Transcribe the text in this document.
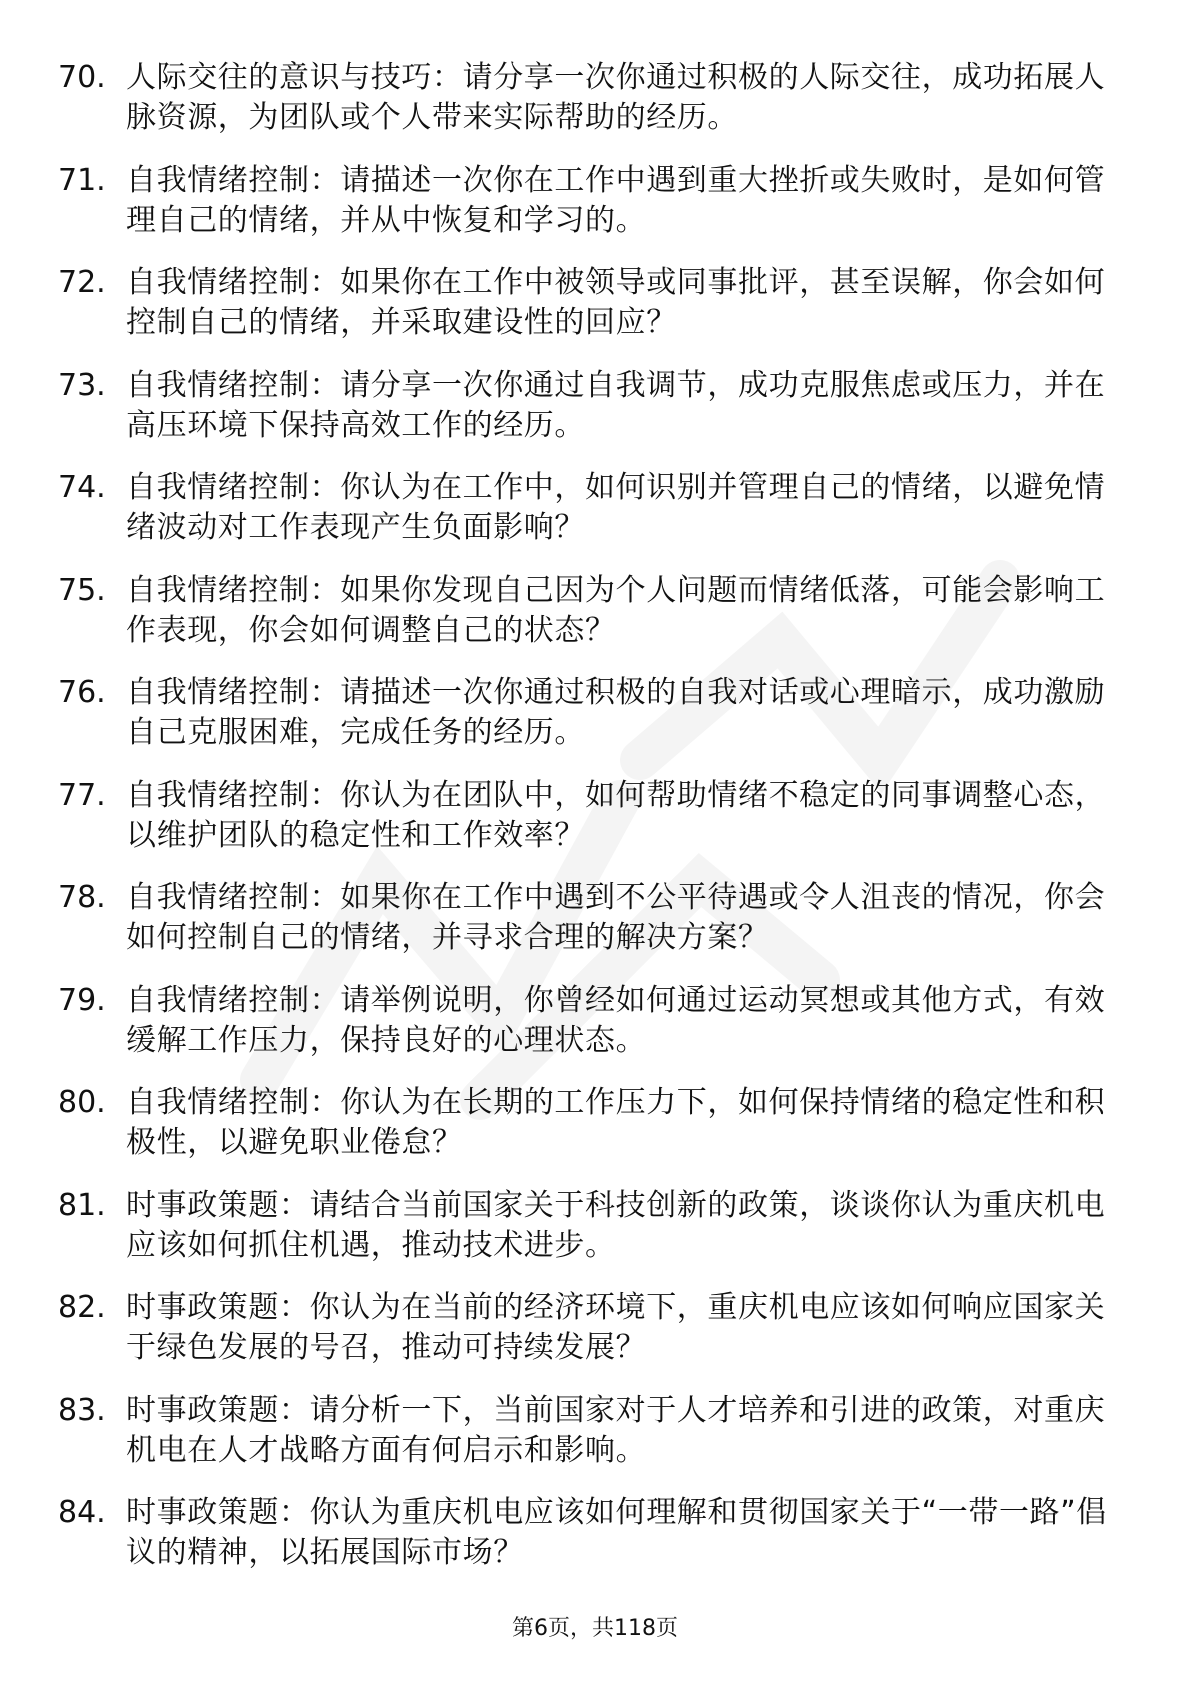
70. 人际交往的意识与技巧：请分享一次你通过积极的人际交往，成功拓展人脉资源，为团队或个人带来实际帮助的经历。
71. 自我情绪控制：请描述一次你在工作中遇到重大挫折或失败时，是如何管理自己的情绪，并从中恢复和学习的。
72. 自我情绪控制：如果你在工作中被领导或同事批评，甚至误解，你会如何控制自己的情绪，并采取建设性的回应？
73. 自我情绪控制：请分享一次你通过自我调节，成功克服焦虑或压力，并在高压环境下保持高效工作的经历。
74. 自我情绪控制：你认为在工作中，如何识别并管理自己的情绪，以避免情绪波动对工作表现产生负面影响？
75. 自我情绪控制：如果你发现自己因为个人问题而情绪低落，可能会影响工作表现，你会如何调整自己的状态？
76. 自我情绪控制：请描述一次你通过积极的自我对话或心理暗示，成功激励自己克服困难，完成任务的经历。
77. 自我情绪控制：你认为在团队中，如何帮助情绪不稳定的同事调整心态，以维护团队的稳定性和工作效率？
78. 自我情绪控制：如果你在工作中遇到不公平待遇或令人沮丧的情况，你会如何控制自己的情绪，并寻求合理的解决方案？
79. 自我情绪控制：请举例说明，你曾经如何通过运动冥想或其他方式，有效缓解工作压力，保持良好的心理状态。
80. 自我情绪控制：你认为在长期的工作压力下，如何保持情绪的稳定性和积极性，以避免职业倦怠？
81. 时事政策题：请结合当前国家关于科技创新的政策，谈谈你认为重庆机电应该如何抓住机遇，推动技术进步。
82. 时事政策题：你认为在当前的经济环境下，重庆机电应该如何响应国家关于绿色发展的号召，推动可持续发展？
83. 时事政策题：请分析一下，当前国家对于人才培养和引进的政策，对重庆机电在人才战略方面有何启示和影响。
84. 时事政策题：你认为重庆机电应该如何理解和贯彻国家关于“一带一路”倡议的精神，以拓展国际市场？
第6页，共118页
